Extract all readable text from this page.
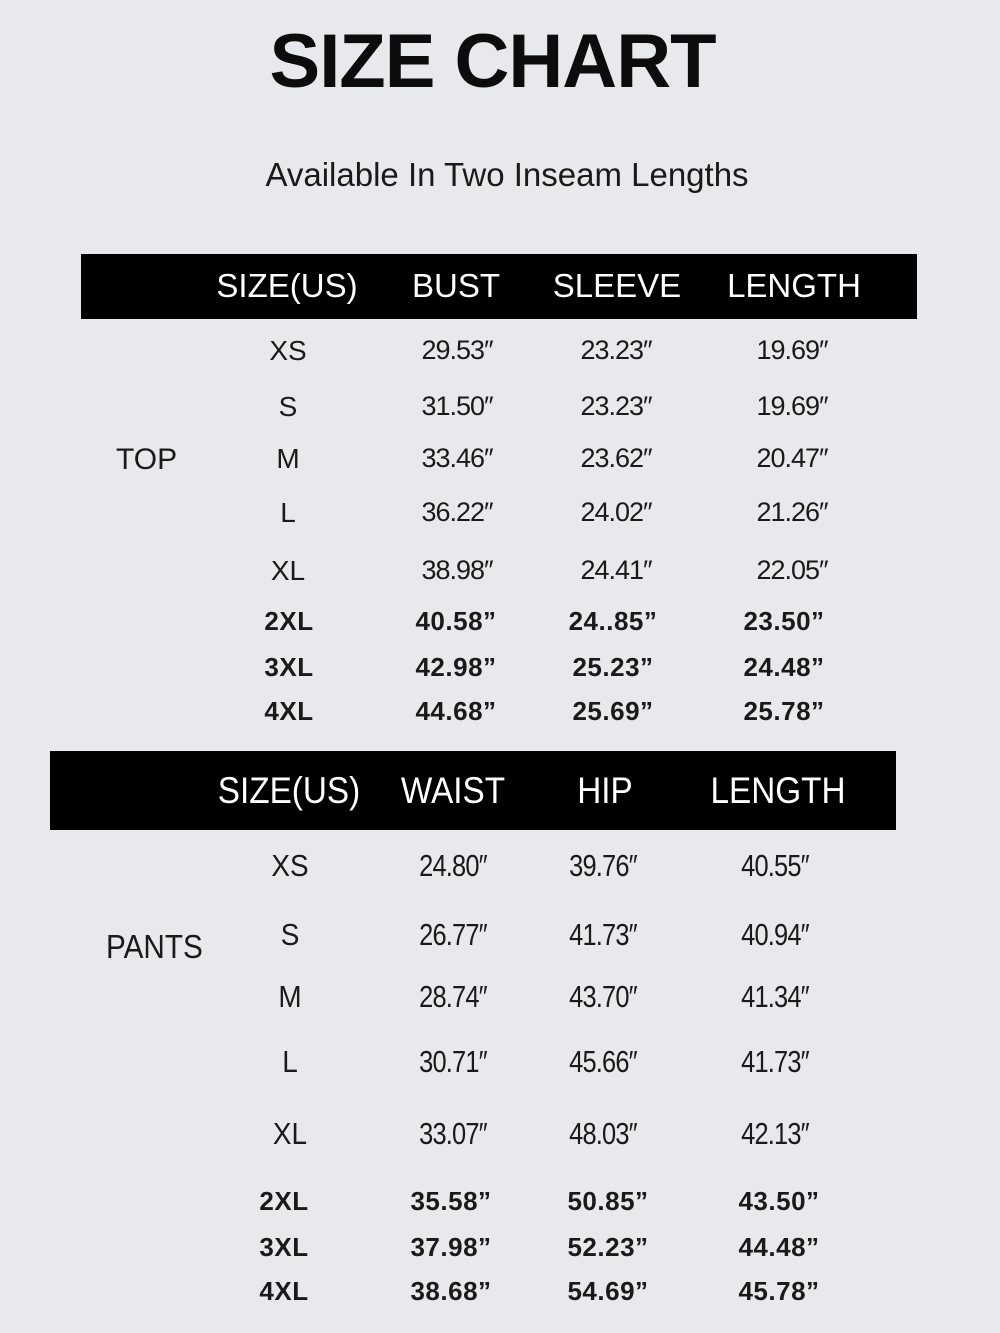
SIZE CHART
Available In Two Inseam Lengths
SIZE(US) BUST SLEEVE LENGTH
TOP
XS	29.53″	23.23″	19.69″
S	31.50″	23.23″	19.69″
M	33.46″	23.62″	20.47″
L	36.22″	24.02″	21.26″
XL	38.98″	24.41″	22.05″
2XL	40.58”	24..85”	23.50”
3XL	42.98”	25.23”	24.48”
4XL	44.68”	25.69”	25.78”
SIZE(US) WAIST HIP LENGTH
PANTS
XS	24.80″	39.76″	40.55″
S	26.77″	41.73″	40.94″
M	28.74″	43.70″	41.34″
L	30.71″	45.66″	41.73″
XL	33.07″	48.03″	42.13″
2XL	35.58”	50.85”	43.50”
3XL	37.98”	52.23”	44.48”
4XL	38.68”	54.69”	45.78”
